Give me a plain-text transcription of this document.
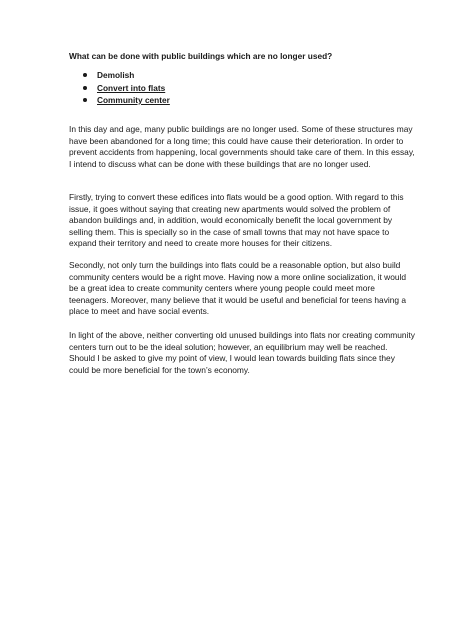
What can be done with public buildings which are no longer used?
Demolish
Convert into flats
Community center

In this day and age, many public buildings are no longer used. Some of these structures may have been abandoned for a long time; this could have cause their deterioration. In order to prevent accidents from happening, local governments should take care of them. In this essay, I intend to discuss what can be done with these buildings that are no longer used.

Firstly, trying to convert these edifices into flats would be a good option. With regard to this issue, it goes without saying that creating new apartments would solved the problem of abandon buildings and, in addition, would economically benefit the local government by selling them. This is specially so in the case of small towns that may not have space to expand their territory and need to create more houses for their citizens.

Secondly, not only turn the buildings into flats could be a reasonable option, but also build community centers would be a right move. Having now a more online socialization, it would be a great idea to create community centers where young people could meet more teenagers. Moreover, many believe that it would be useful and beneficial for teens having a place to meet and have social events.

In light of the above, neither converting old unused buildings into flats nor creating community centers turn out to be the ideal solution; however, an equilibrium may well be reached. Should I be asked to give my point of view, I would lean towards building flats since they could be more beneficial for the town’s economy.
